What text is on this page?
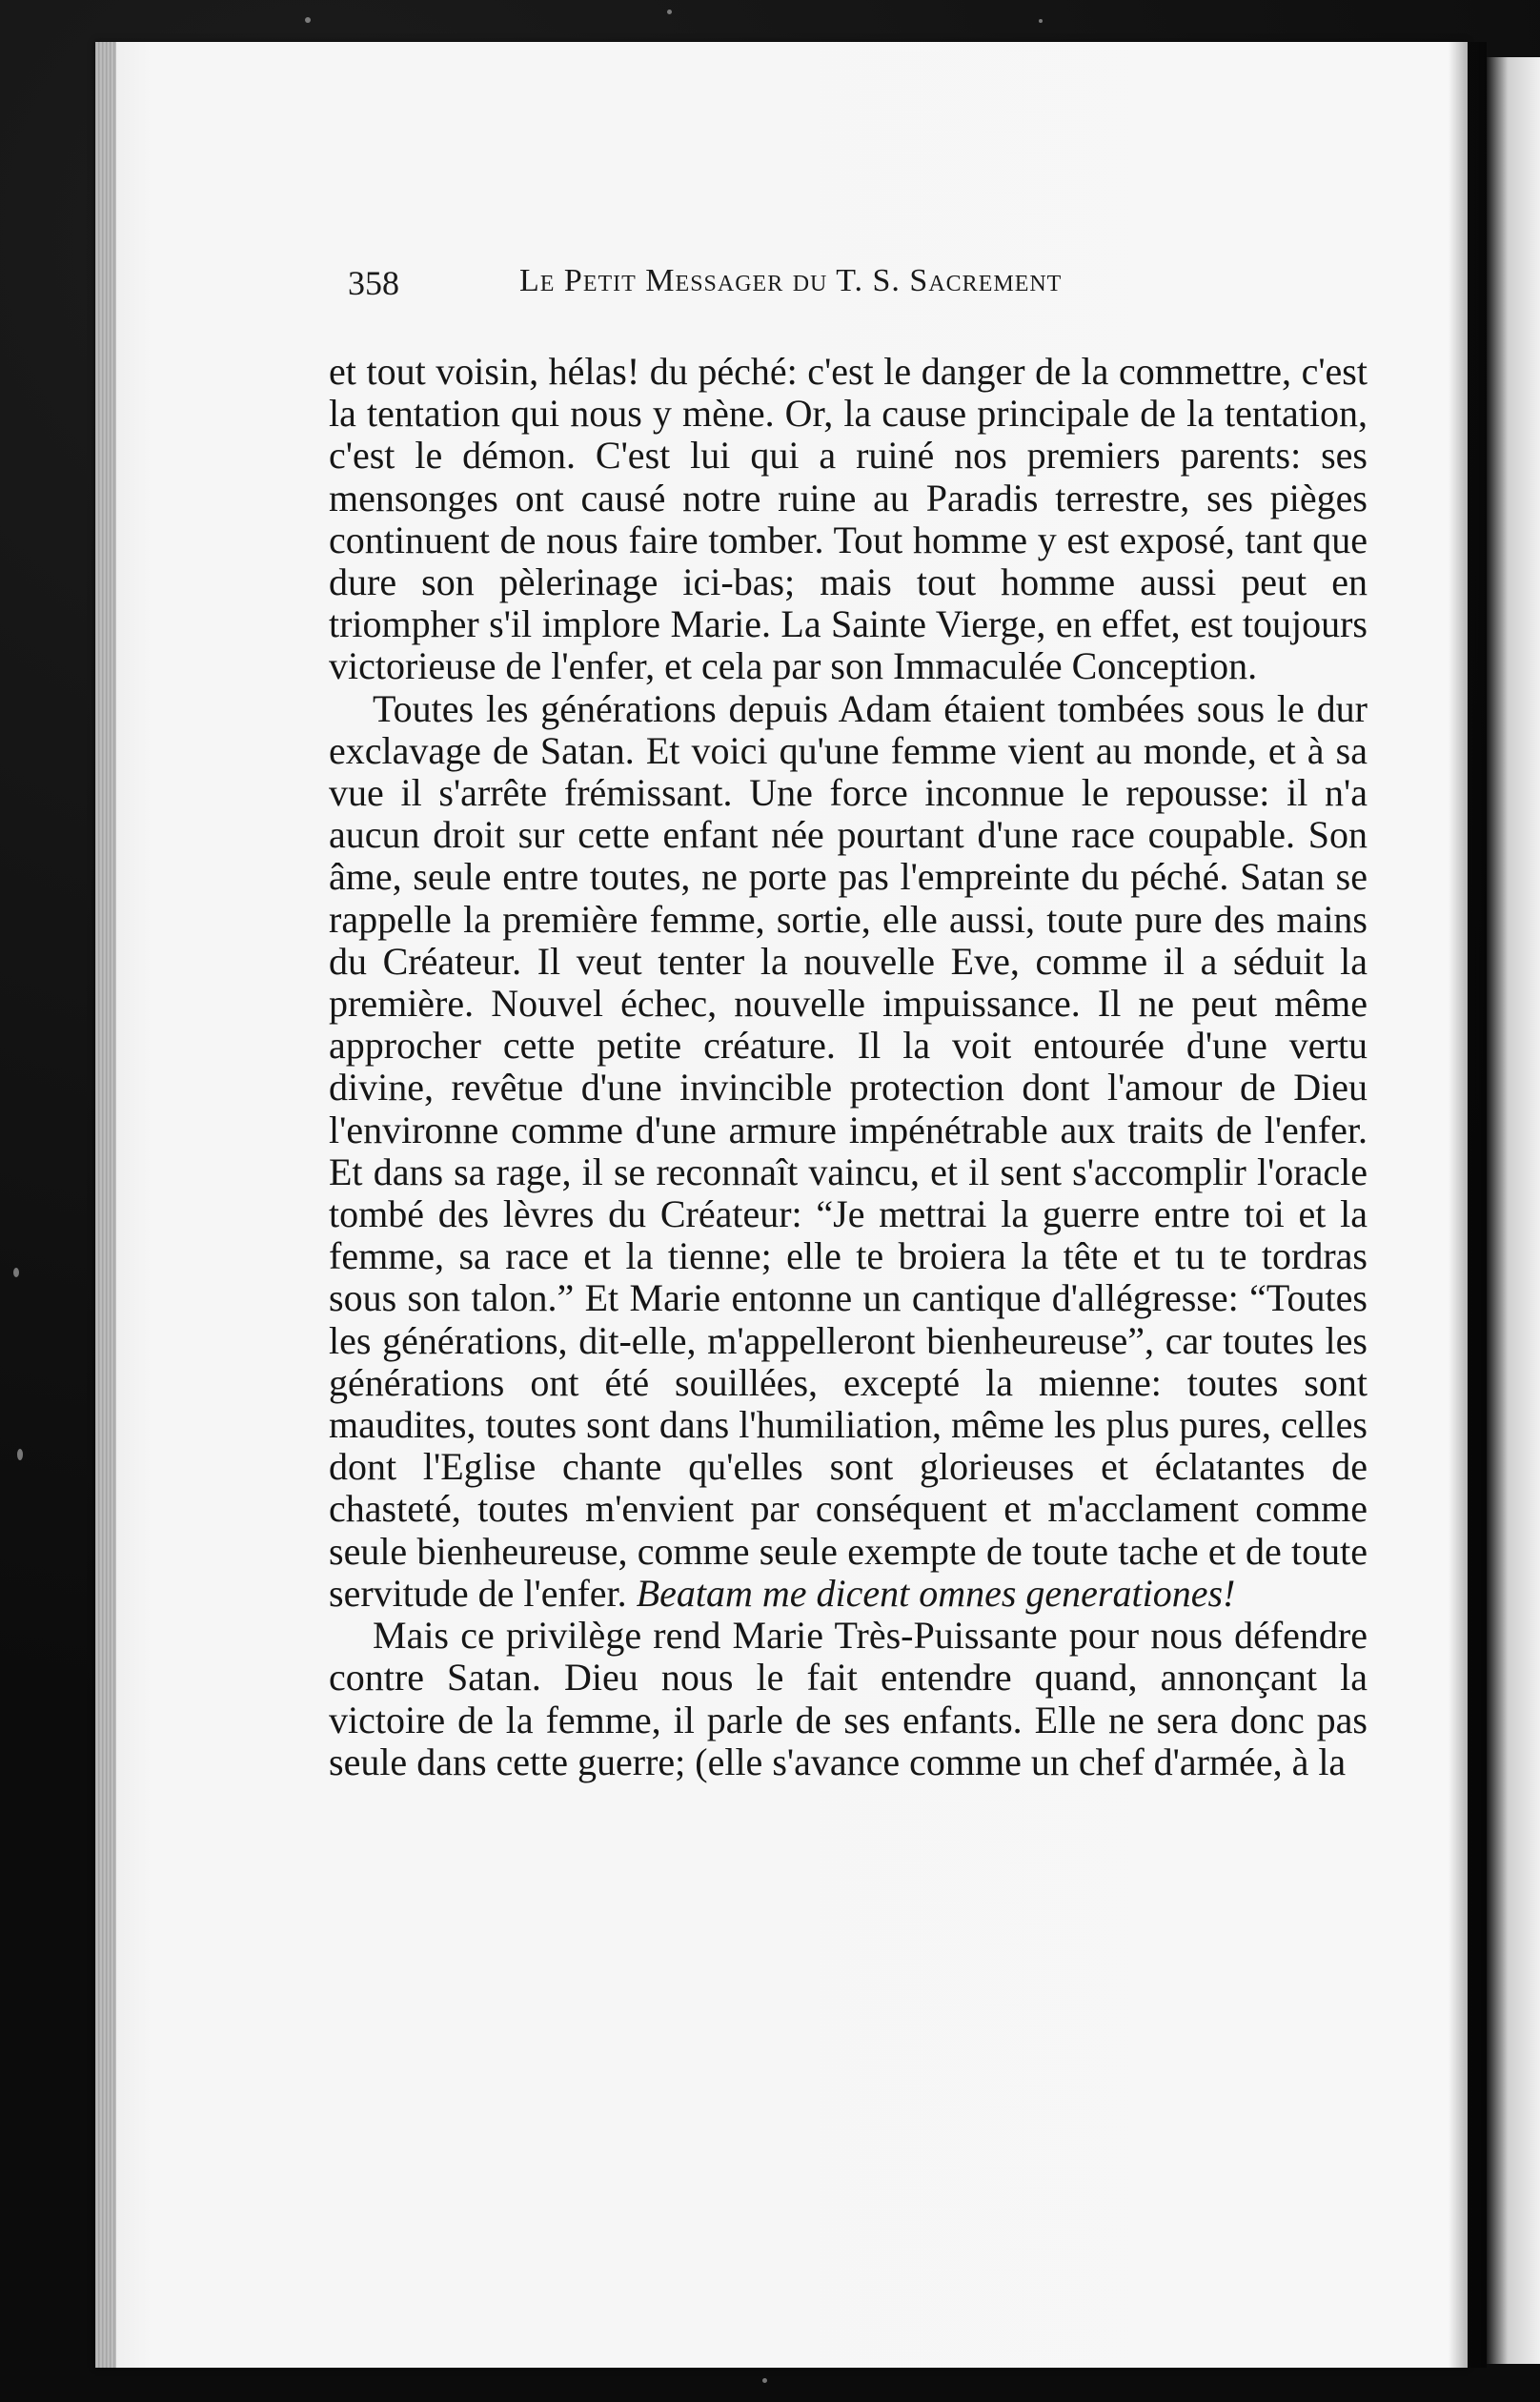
358	Le Petit Messager du T. S. Sacrement

et tout voisin, hélas! du péché: c'est le danger de la commettre, c'est la tentation qui nous y mène. Or, la cause principale de la tentation, c'est le démon. C'est lui qui a ruiné nos premiers parents: ses mensonges ont causé notre ruine au Paradis terrestre, ses pièges continuent de nous faire tomber. Tout homme y est exposé, tant que dure son pèlerinage ici-bas; mais tout homme aussi peut en triompher s'il implore Marie. La Sainte Vierge, en effet, est toujours victorieuse de l'enfer, et cela par son Immaculée Conception.

Toutes les générations depuis Adam étaient tombées sous le dur exclavage de Satan. Et voici qu'une femme vient au monde, et à sa vue il s'arrête frémissant. Une force inconnue le repousse: il n'a aucun droit sur cette enfant née pourtant d'une race coupable. Son âme, seule entre toutes, ne porte pas l'empreinte du péché. Satan se rappelle la première femme, sortie, elle aussi, toute pure des mains du Créateur. Il veut tenter la nouvelle Eve, comme il a séduit la première. Nouvel échec, nouvelle impuissance. Il ne peut même approcher cette petite créature. Il la voit entourée d'une vertu divine, revêtue d'une invincible protection dont l'amour de Dieu l'environne comme d'une armure impénétrable aux traits de l'enfer. Et dans sa rage, il se reconnaît vaincu, et il sent s'accomplir l'oracle tombé des lèvres du Créateur: “Je mettrai la guerre entre toi et la femme, sa race et la tienne; elle te broiera la tête et tu te tordras sous son talon.” Et Marie entonne un cantique d'allégresse: “Toutes les générations, dit-elle, m'appelleront bienheureuse”, car toutes les générations ont été souillées, excepté la mienne: toutes sont maudites, toutes sont dans l'humiliation, même les plus pures, celles dont l'Eglise chante qu'elles sont glorieuses et éclatantes de chasteté, toutes m'envient par conséquent et m'acclament comme seule bienheureuse, comme seule exempte de toute tache et de toute servitude de l'enfer. Beatam me dicent omnes generationes!

Mais ce privilège rend Marie Très-Puissante pour nous défendre contre Satan. Dieu nous le fait entendre quand, annonçant la victoire de la femme, il parle de ses enfants. Elle ne sera donc pas seule dans cette guerre; (elle s'avance comme un chef d'armée, à la
